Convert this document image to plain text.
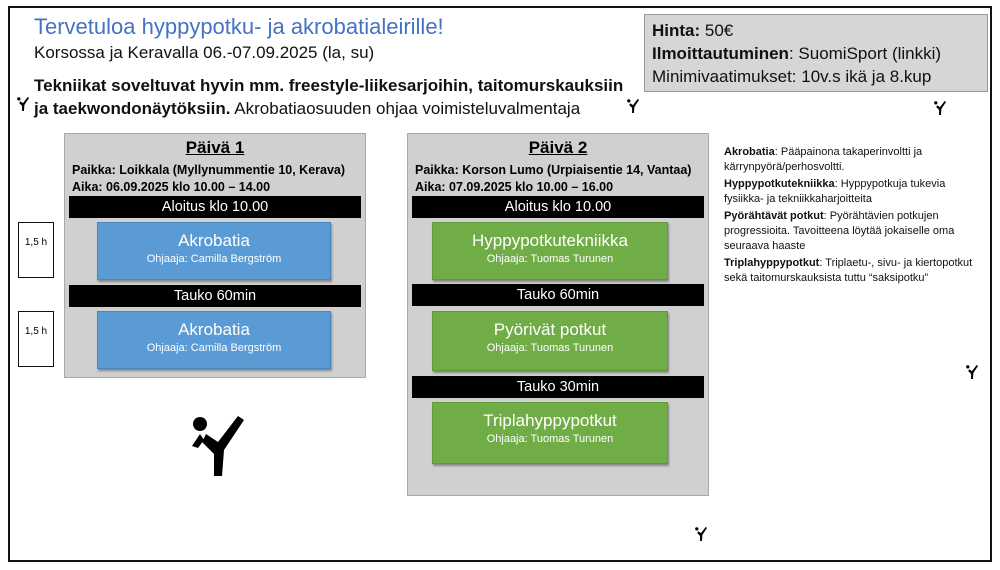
Tervetuloa hyppypotku- ja akrobatialeirille!
Korsossa ja Keravalla 06.-07.09.2025 (la, su)
Tekniikat soveltuvat hyvin mm. freestyle-liikesarjoihin, taitomurskauksiin ja taekwondonäytöksiin. Akrobatiaosuuden ohjaa voimisteluvalmentaja
Hinta: 50€
Ilmoittautuminen: SuomiSport (linkki)
Minimivaatimukset: 10v.s ikä ja 8.kup
Päivä 1
Paikka: Loikkala (Myllynummentie 10, Kerava)
Aika: 06.09.2025 klo 10.00 – 14.00
Aloitus klo 10.00
Akrobatia
Ohjaaja: Camilla Bergström
Tauko 60min
Akrobatia
Ohjaaja: Camilla Bergström
1,5 h
1,5 h
Päivä 2
Paikka: Korson Lumo (Urpiaisentie 14, Vantaa)
Aika: 07.09.2025 klo 10.00 – 16.00
Aloitus klo 10.00
Hyppypotkutekniikka
Ohjaaja: Tuomas Turunen
Tauko 60min
Pyörivät potkut
Ohjaaja: Tuomas Turunen
Tauko 30min
Triplahyppypotkut
Ohjaaja: Tuomas Turunen

Akrobatia: Pääpainona takaperinvoltti ja kärrynpyörä/perhosvoltti.

Hyppypotkutekniikka: Hyppypotkuja tukevia fysiikka- ja tekniikkaharjoitteita

Pyörähtävät potkut: Pyörähtävien potkujen progressioita. Tavoitteena löytää jokaiselle oma seuraava haaste

Triplahyppypotkut: Triplaetu-, sivu- ja kiertopotkut sekä taitomurskauksista tuttu “saksipotku”
